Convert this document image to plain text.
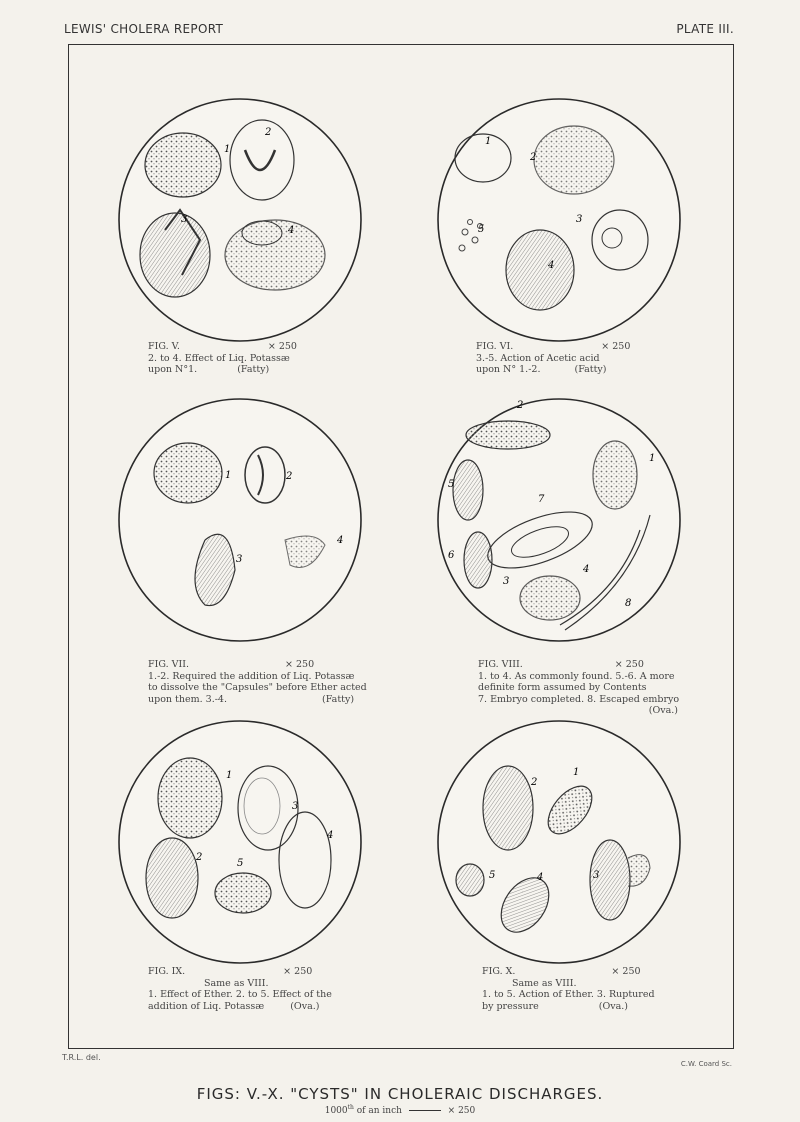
LEWIS' CHOLERA REPORT	PLATE III.
1
2
3
4
1
2
3
4
5
1	2
3
4
1
2
3
4
5
6
7
8
1
2
3
4
5
1
2
3
4
5
FIG. V.	× 250
2. to 4. Effect of Liq. Potassæ
upon N°1.	(Fatty)
FIG. VI.	× 250
3.-5. Action of Acetic acid
upon N° 1.-2.	(Fatty)
FIG. VII.	× 250
1.-2. Required the addition of Liq. Potassæ
to dissolve the "Capsules" before Ether acted
upon them. 3.-4.	(Fatty)
FIG. VIII.	× 250
1. to 4. As commonly found. 5.-6. A more
definite form assumed by Contents
7. Embryo completed. 8. Escaped embryo
(Ova.)
FIG. IX.	× 250
Same as VIII.
1. Effect of Ether. 2. to 5. Effect of the
addition of Liq. Potassæ	(Ova.)
FIG. X.	× 250
Same as VIII.
1. to 5. Action of Ether. 3. Ruptured
by pressure	(Ova.)
T.R.L. del.
C.W. Coard Sc.
FIGS: V.-X. "CYSTS" IN CHOLERAIC DISCHARGES.
1000th of an inch	× 250
